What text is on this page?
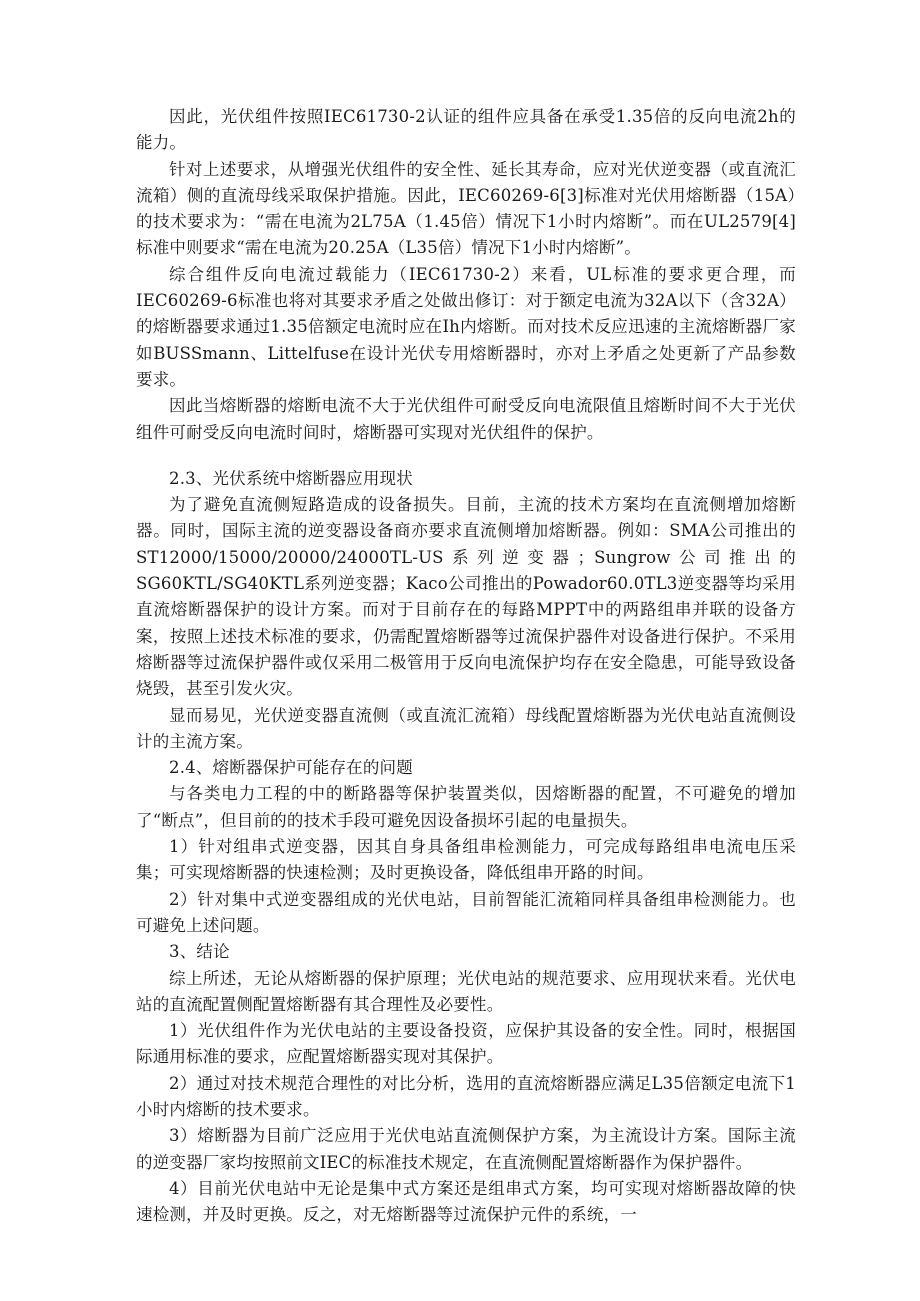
因此，光伏组件按照IEC61730-2认证的组件应具备在承受1.35倍的反向电流2h的能力。

针对上述要求，从增强光伏组件的安全性、延长其寿命，应对光伏逆变器（或直流汇流箱）侧的直流母线采取保护措施。因此，IEC60269-6[3]标准对光伏用熔断器（15A）的技术要求为：“需在电流为2L75A（1.45倍）情况下1小时内熔断”。而在UL2579[4]标准中则要求“需在电流为20.25A（L35倍）情况下1小时内熔断”。

综合组件反向电流过载能力（IEC61730-2）来看，UL标准的要求更合理，而IEC60269-6标准也将对其要求矛盾之处做出修订：对于额定电流为32A以下（含32A）的熔断器要求通过1.35倍额定电流时应在Ih内熔断。而对技术反应迅速的主流熔断器厂家如BUSSmann、Littelfuse在设计光伏专用熔断器时，亦对上矛盾之处更新了产品参数要求。

因此当熔断器的熔断电流不大于光伏组件可耐受反向电流限值且熔断时间不大于光伏组件可耐受反向电流时间时，熔断器可实现对光伏组件的保护。

2.3、光伏系统中熔断器应用现状

为了避免直流侧短路造成的设备损失。目前，主流的技术方案均在直流侧增加熔断器。同时，国际主流的逆变器设备商亦要求直流侧增加熔断器。例如：SMA公司推出的ST12000/15000/20000/24000TL-US系列逆变器；Sungrow公司推出的SG60KTL/SG40KTL系列逆变器；Kaco公司推出的Powador60.0TL3逆变器等均采用直流熔断器保护的设计方案。而对于目前存在的每路MPPT中的两路组串并联的设备方案，按照上述技术标准的要求，仍需配置熔断器等过流保护器件对设备进行保护。不采用熔断器等过流保护器件或仅采用二极管用于反向电流保护均存在安全隐患，可能导致设备烧毁，甚至引发火灾。

显而易见，光伏逆变器直流侧（或直流汇流箱）母线配置熔断器为光伏电站直流侧设计的主流方案。

2.4、熔断器保护可能存在的问题

与各类电力工程的中的断路器等保护装置类似，因熔断器的配置，不可避免的增加了“断点”，但目前的的技术手段可避免因设备损坏引起的电量损失。

1）针对组串式逆变器，因其自身具备组串检测能力，可完成每路组串电流电压采集；可实现熔断器的快速检测；及时更换设备，降低组串开路的时间。

2）针对集中式逆变器组成的光伏电站，目前智能汇流箱同样具备组串检测能力。也可避免上述问题。

3、结论

综上所述，无论从熔断器的保护原理；光伏电站的规范要求、应用现状来看。光伏电站的直流配置侧配置熔断器有其合理性及必要性。

1）光伏组件作为光伏电站的主要设备投资，应保护其设备的安全性。同时，根据国际通用标准的要求，应配置熔断器实现对其保护。

2）通过对技术规范合理性的对比分析，选用的直流熔断器应满足L35倍额定电流下1小时内熔断的技术要求。

3）熔断器为目前广泛应用于光伏电站直流侧保护方案，为主流设计方案。国际主流的逆变器厂家均按照前文IEC的标准技术规定，在直流侧配置熔断器作为保护器件。

4）目前光伏电站中无论是集中式方案还是组串式方案，均可实现对熔断器故障的快速检测，并及时更换。反之，对无熔断器等过流保护元件的系统，一
